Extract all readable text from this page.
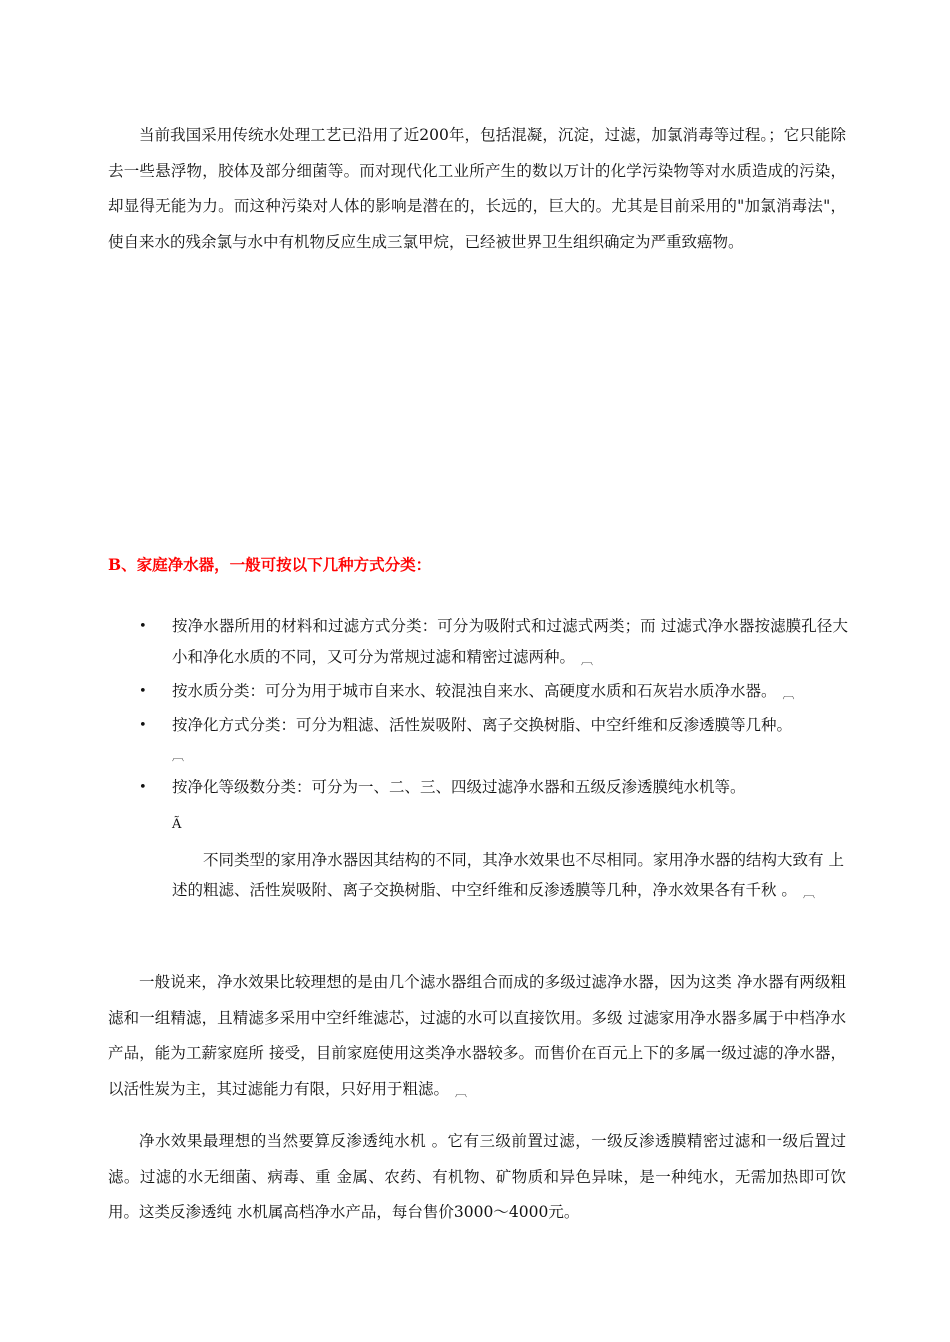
当前我国采用传统水处理工艺已沿用了近200年，包括混凝，沉淀，过滤，加氯消毒等过程。；它只能除去一些悬浮物，胶体及部分细菌等。而对现代化工业所产生的数以万计的化学污染物等对水质造成的污染，却显得无能为力。而这种污染对人体的影响是潜在的，长远的，巨大的。尤其是目前采用的"加氯消毒法"，使自来水的残余氯与水中有机物反应生成三氯甲烷，已经被世界卫生组织确定为严重致癌物。

B、家庭净水器，一般可按以下几种方式分类：

• 按净水器所用的材料和过滤方式分类：可分为吸附式和过滤式两类；而 过滤式净水器按滤膜孔径大小和净化水质的不同，又可分为常规过滤和精密过滤两种。 ︹
• 按水质分类：可分为用于城市自来水、较混浊自来水、高硬度水质和石灰岩水质净水器。 ︹
• 按净化方式分类：可分为粗滤、活性炭吸附、离子交换树脂、中空纤维和反渗透膜等几种。
︹
• 按净化等级数分类：可分为一、二、三、四级过滤净水器和五级反渗透膜纯水机等。
Ã

不同类型的家用净水器因其结构的不同，其净水效果也不尽相同。家用净水器的结构大致有 上述的粗滤、活性炭吸附、离子交换树脂、中空纤维和反渗透膜等几种，净水效果各有千秋 。 ︹

一般说来，净水效果比较理想的是由几个滤水器组合而成的多级过滤净水器，因为这类 净水器有两级粗滤和一组精滤，且精滤多采用中空纤维滤芯，过滤的水可以直接饮用。多级 过滤家用净水器多属于中档净水产品，能为工薪家庭所 接受，目前家庭使用这类净水器较多。而售价在百元上下的多属一级过滤的净水器，以活性炭为主，其过滤能力有限，只好用于粗滤。 ︹

净水效果最理想的当然要算反渗透纯水机 。它有三级前置过滤，一级反渗透膜精密过滤和一级后置过滤。过滤的水无细菌、病毒、重 金属、农药、有机物、矿物质和异色异味，是一种纯水，无需加热即可饮用。这类反渗透纯 水机属高档净水产品，每台售价3000～4000元。
